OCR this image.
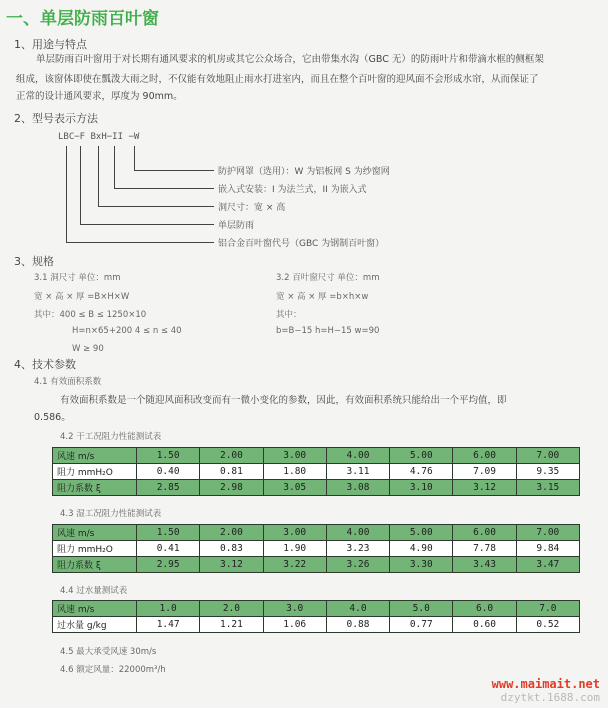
一、单层防雨百叶窗
1、用途与特点
单层防雨百叶窗用于对长期有通风要求的机房或其它公众场合，它由带集水沟（GBC 无）的防雨叶片和带滴水框的侧框架
组成，该窗体即使在瓢泼大雨之时，不仅能有效地阻止雨水打进室内，而且在整个百叶窗的迎风面不会形成水帘，从而保证了
正常的设计通风要求，厚度为 90mm。
2、型号表示方法
LBC−F BxH−II −W
防护网罩（选用）：W 为铝板网 S 为纱窗网
嵌入式安装：I 为法兰式，II 为嵌入式
洞尺寸：宽 × 高
单层防雨
铝合金百叶窗代号（GBC 为钢制百叶窗）
3、规格
3.1 洞尺寸 单位：mm
宽 × 高 × 厚 =B×H×W
其中：400 ≤ B ≤ 1250×10
H=n×65+200 4 ≤ n ≤ 40
W ≥ 90
3.2 百叶窗尺寸 单位：mm
宽 × 高 × 厚 =b×h×w
其中：
b=B−15 h=H−15 w=90
4、技术参数
4.1 有效面积系数
有效面积系数是一个随迎风面积改变而有一微小变化的参数，因此，有效面积系统只能给出一个平均值，即
0.586。
4.2 干工况阻力性能测试表
风速 m/s	1.50	2.00	3.00	4.00	5.00	6.00	7.00
阻力 mmH₂O	0.40	0.81	1.80	3.11	4.76	7.09	9.35
阻力系数 ξ	2.85	2.98	3.05	3.08	3.10	3.12	3.15
4.3 湿工况阻力性能测试表
风速 m/s	1.50	2.00	3.00	4.00	5.00	6.00	7.00
阻力 mmH₂O	0.41	0.83	1.90	3.23	4.90	7.78	9.84
阻力系数 ξ	2.95	3.12	3.22	3.26	3.30	3.43	3.47
4.4 过水量测试表
风速 m/s	1.0	2.0	3.0	4.0	5.0	6.0	7.0
过水量 g/kg	1.47	1.21	1.06	0.88	0.77	0.60	0.52
4.5 最大承受风速 30m/s
4.6 额定风量：22000m³/h
www.maimait.net
dzytkt.1688.com
